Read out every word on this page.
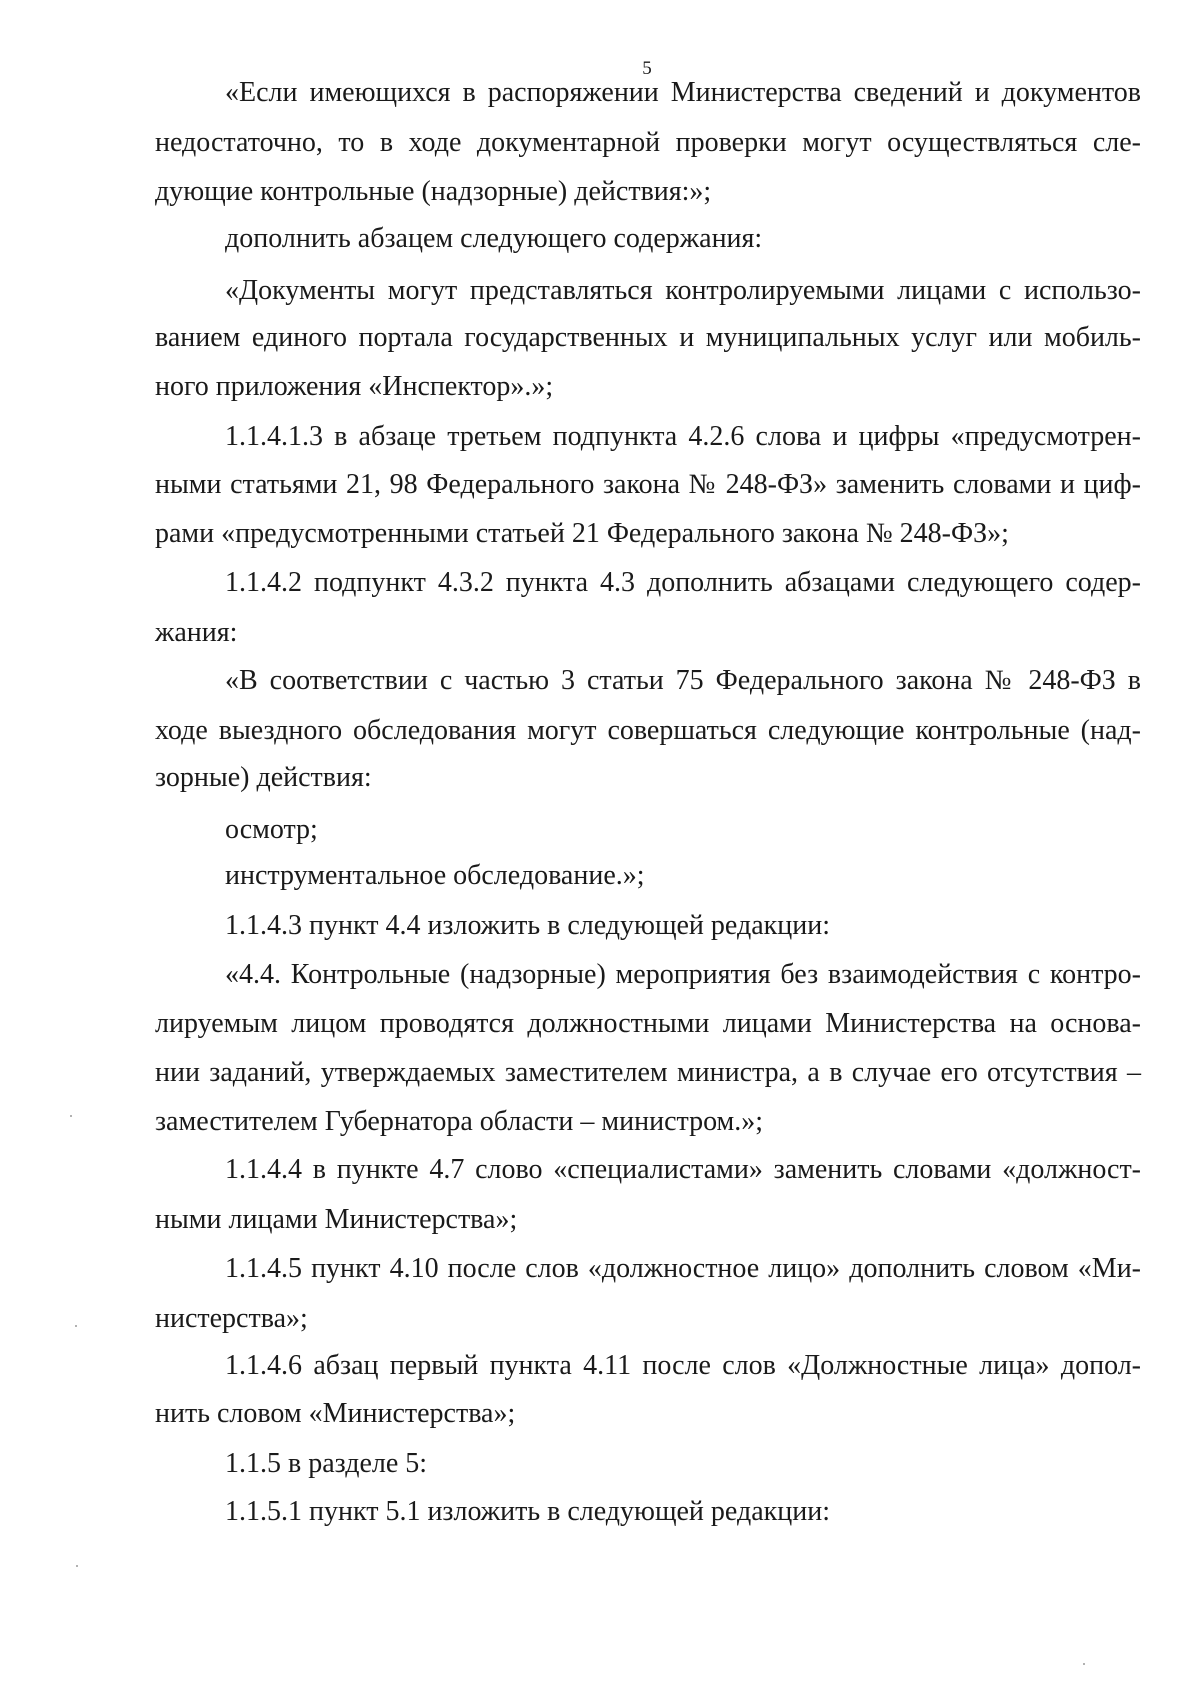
5
«Если имеющихся в распоряжении Министерства сведений и документов
недостаточно, то в ходе документарной проверки могут осуществляться сле-
дующие контрольные (надзорные) действия:»;
дополнить абзацем следующего содержания:
«Документы могут представляться контролируемыми лицами с использо-
ванием единого портала государственных и муниципальных услуг или мобиль-
ного приложения «Инспектор».»;
1.1.4.1.3 в абзаце третьем подпункта 4.2.6 слова и цифры «предусмотрен-
ными статьями 21, 98 Федерального закона № 248-ФЗ» заменить словами и циф-
рами «предусмотренными статьей 21 Федерального закона № 248-ФЗ»;
1.1.4.2 подпункт 4.3.2 пункта 4.3 дополнить абзацами следующего содер-
жания:
«В соответствии с частью 3 статьи 75 Федерального закона № 248-ФЗ в
ходе выездного обследования могут совершаться следующие контрольные (над-
зорные) действия:
осмотр;
инструментальное обследование.»;
1.1.4.3 пункт 4.4 изложить в следующей редакции:
«4.4. Контрольные (надзорные) мероприятия без взаимодействия с контро-
лируемым лицом проводятся должностными лицами Министерства на основа-
нии заданий, утверждаемых заместителем министра, а в случае его отсутствия –
заместителем Губернатора области – министром.»;
1.1.4.4 в пункте 4.7 слово «специалистами» заменить словами «должност-
ными лицами Министерства»;
1.1.4.5 пункт 4.10 после слов «должностное лицо» дополнить словом «Ми-
нистерства»;
1.1.4.6 абзац первый пункта 4.11 после слов «Должностные лица» допол-
нить словом «Министерства»;
1.1.5 в разделе 5:
1.1.5.1 пункт 5.1 изложить в следующей редакции:
